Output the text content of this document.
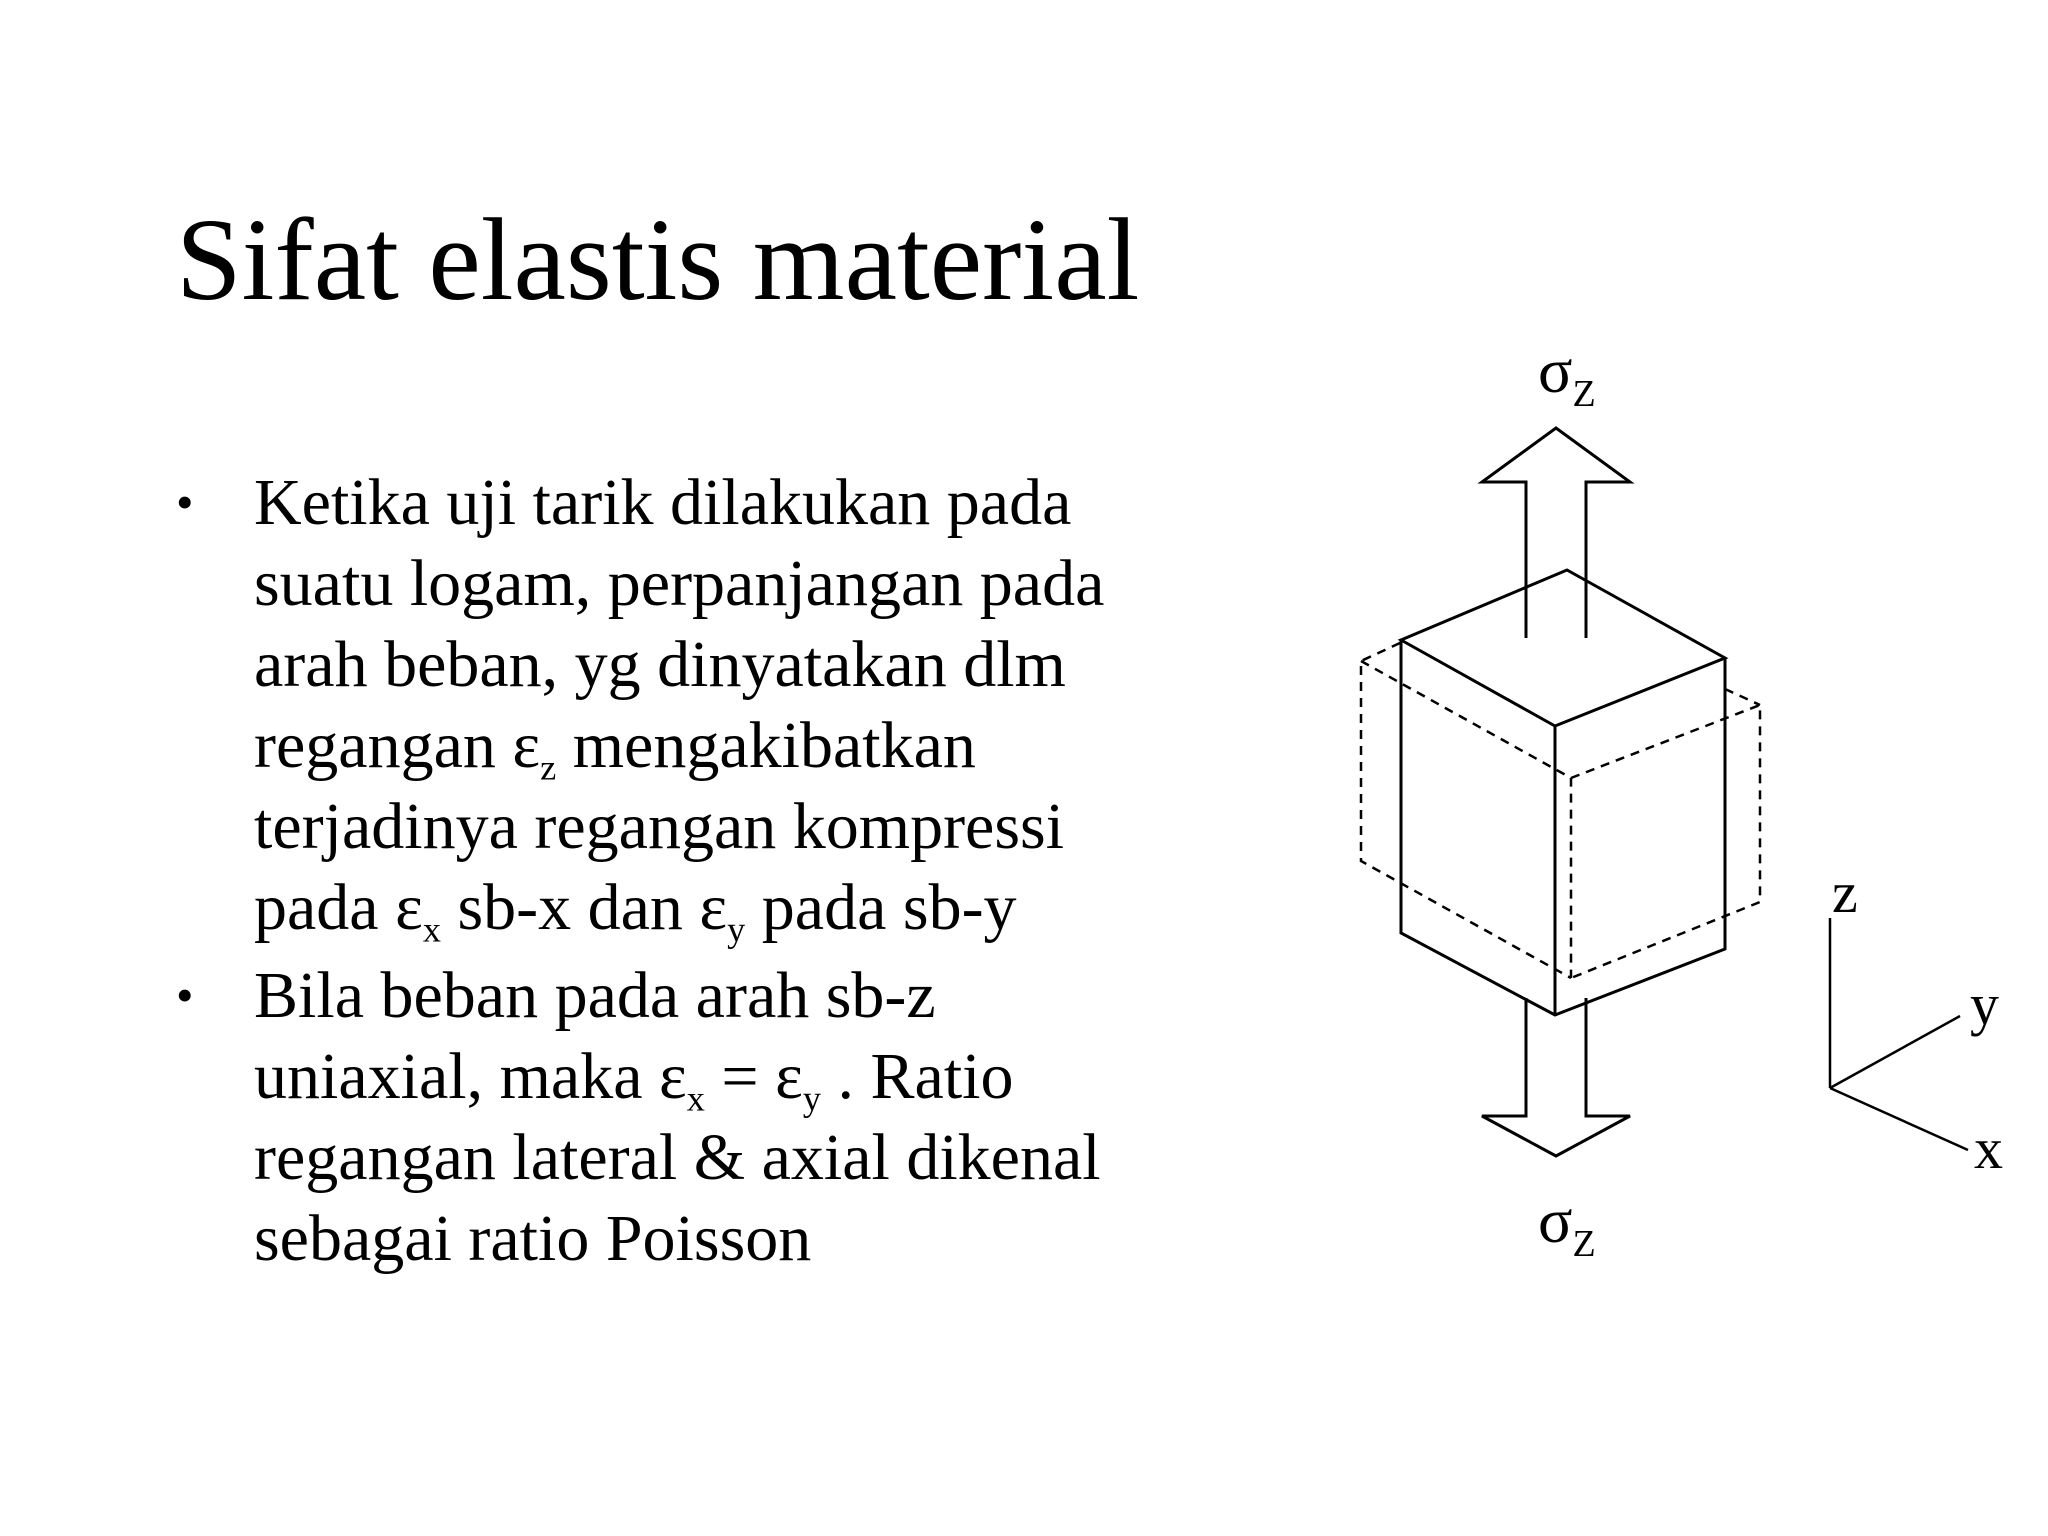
Sifat elastis material
• Ketika uji tarik dilakukan pada
suatu logam, perpanjangan pada
arah beban, yg dinyatakan dlm
regangan $\varepsilon_z$ mengakibatkan
terjadinya regangan kompressi
pada $\varepsilon_x$ sb-x dan $\varepsilon_y$ pada sb-y
• Bila beban pada arah sb-z
uniaxial, maka $\varepsilon_x = \varepsilon_y$ . Ratio
regangan lateral & axial dikenal
sebagai ratio Poisson
$\sigma_Z$
$\sigma_Z$
z
y
x
